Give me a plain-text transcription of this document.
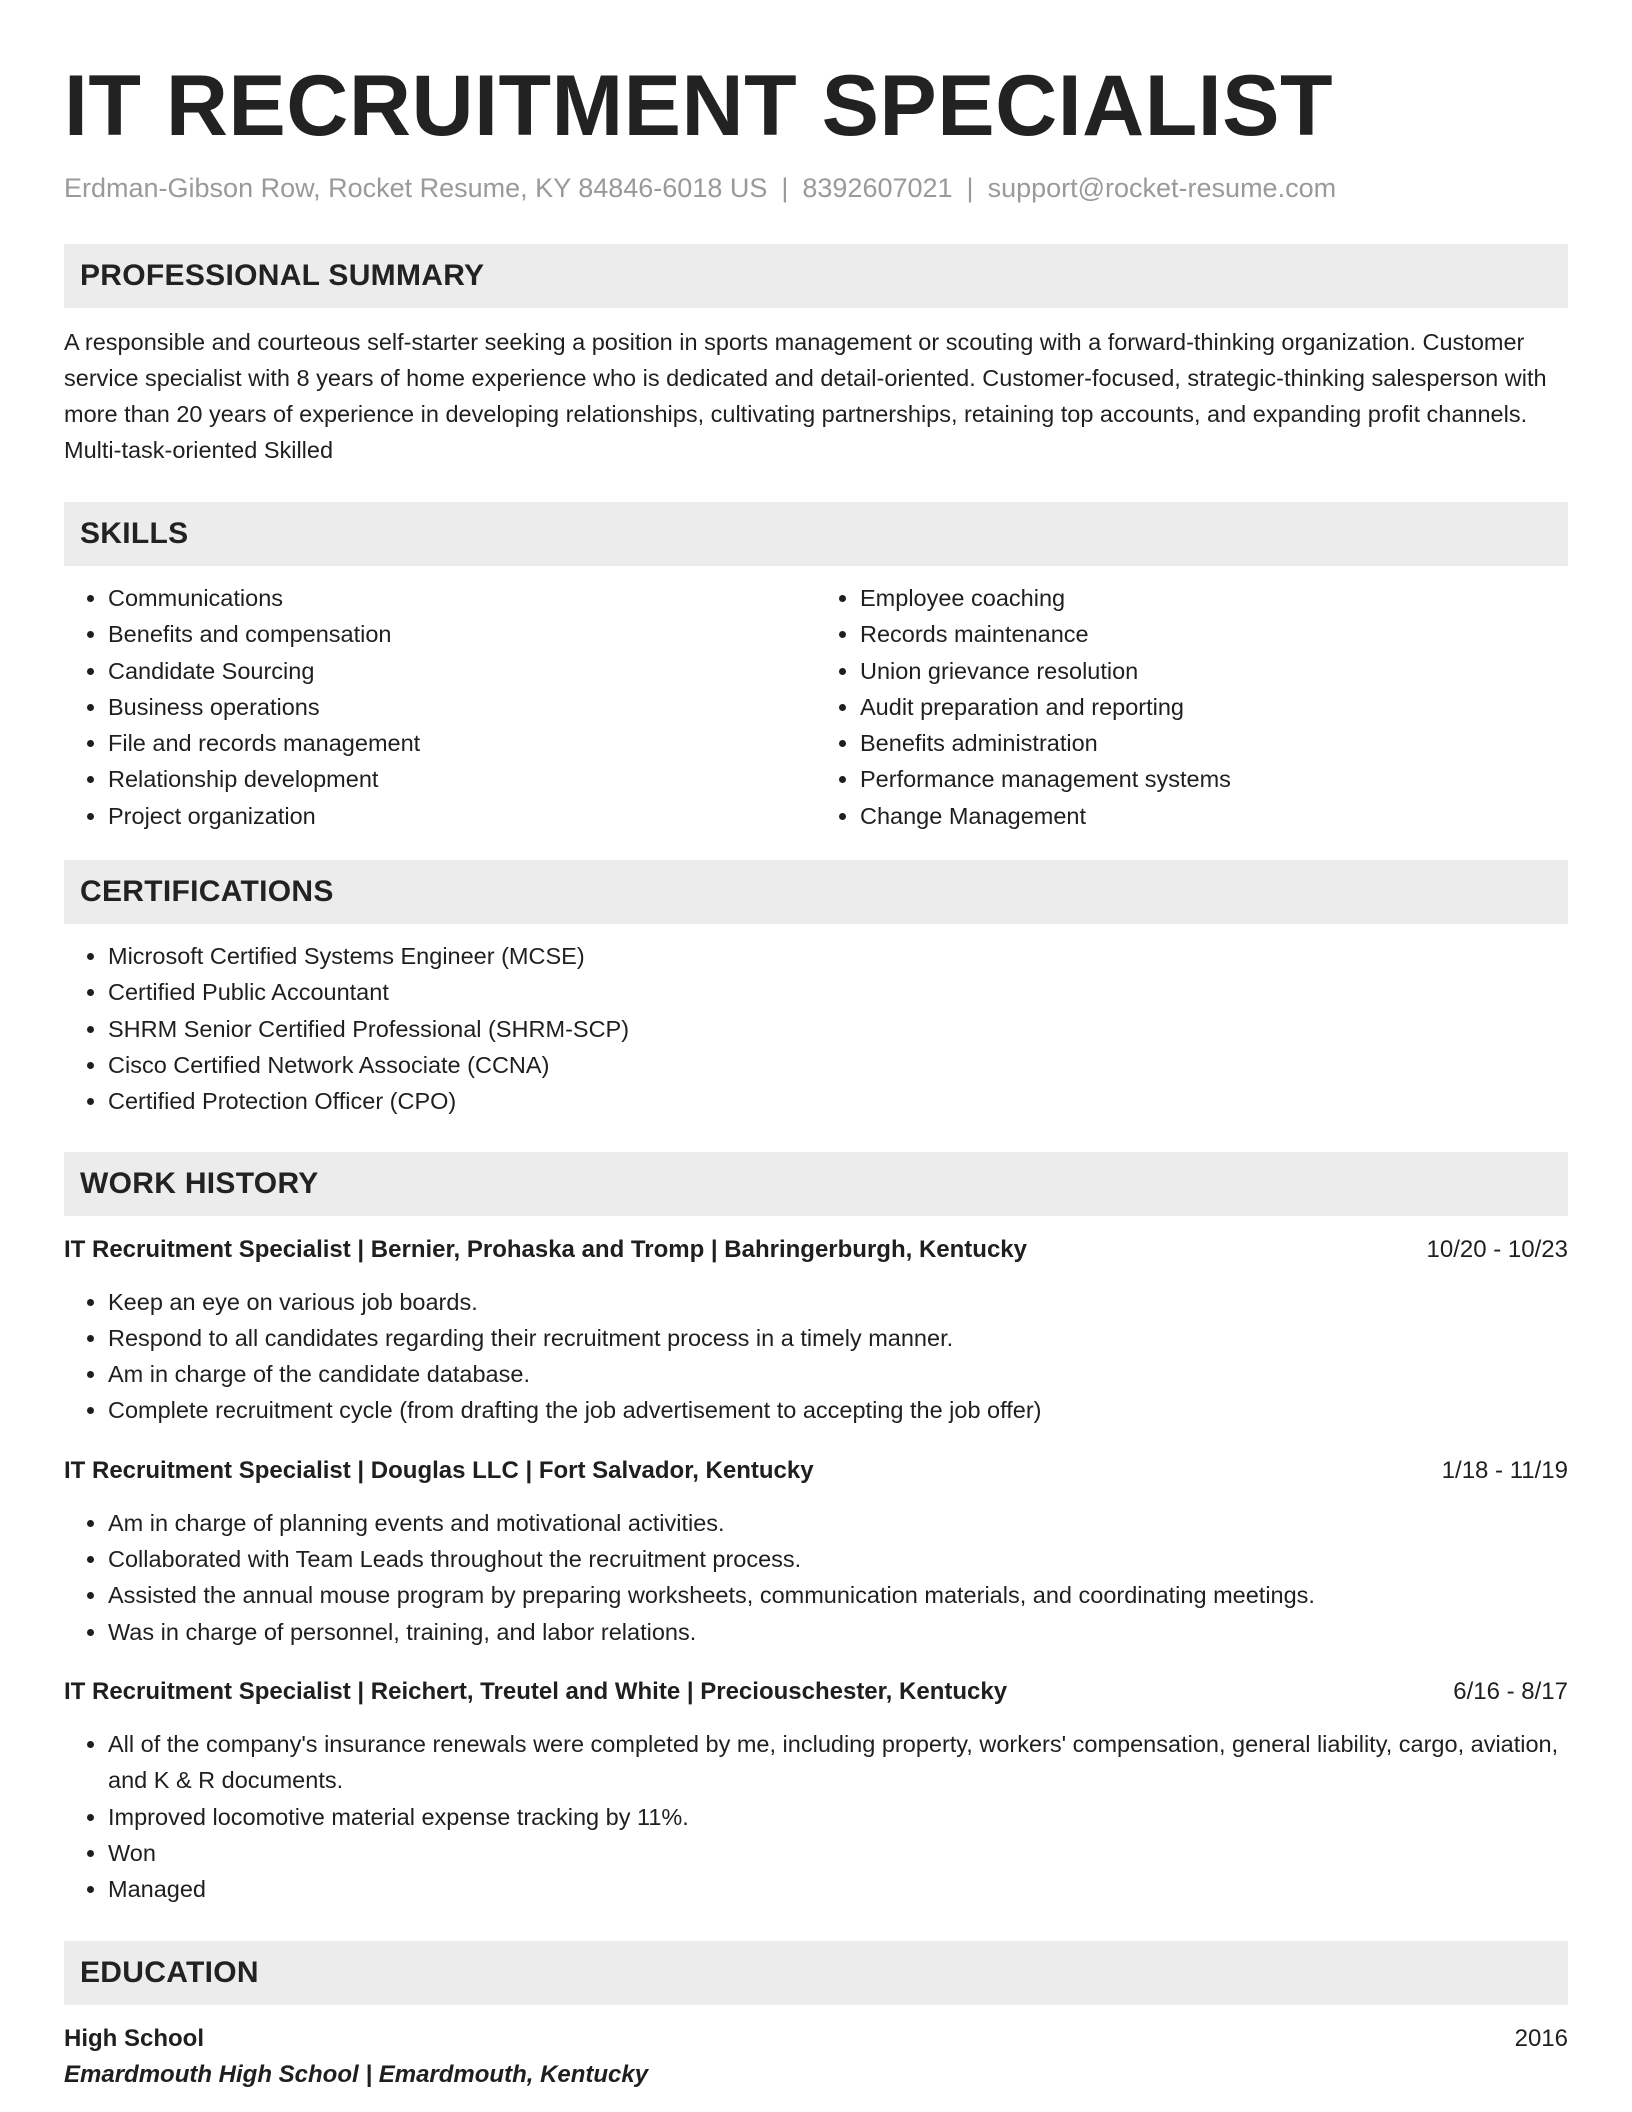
IT RECRUITMENT SPECIALIST
Erdman-Gibson Row, Rocket Resume, KY 84846-6018 US | 8392607021 | support@rocket-resume.com
PROFESSIONAL SUMMARY

A responsible and courteous self-starter seeking a position in sports management or scouting with a forward-thinking organization. Customer service specialist with 8 years of home experience who is dedicated and detail-oriented. Customer-focused, strategic-thinking salesperson with more than 20 years of experience in developing relationships, cultivating partnerships, retaining top accounts, and expanding profit channels. Multi-task-oriented Skilled

SKILLS
• Communications
• Benefits and compensation
• Candidate Sourcing
• Business operations
• File and records management
• Relationship development
• Project organization
• Employee coaching
• Records maintenance
• Union grievance resolution
• Audit preparation and reporting
• Benefits administration
• Performance management systems
• Change Management
CERTIFICATIONS
• Microsoft Certified Systems Engineer (MCSE)
• Certified Public Accountant
• SHRM Senior Certified Professional (SHRM-SCP)
• Cisco Certified Network Associate (CCNA)
• Certified Protection Officer (CPO)
WORK HISTORY
IT Recruitment Specialist | Bernier, Prohaska and Tromp | Bahringerburgh, Kentucky	10/20 - 10/23
• Keep an eye on various job boards.
• Respond to all candidates regarding their recruitment process in a timely manner.
• Am in charge of the candidate database.
• Complete recruitment cycle (from drafting the job advertisement to accepting the job offer)
IT Recruitment Specialist | Douglas LLC | Fort Salvador, Kentucky	1/18 - 11/19
• Am in charge of planning events and motivational activities.
• Collaborated with Team Leads throughout the recruitment process.
• Assisted the annual mouse program by preparing worksheets, communication materials, and coordinating meetings.
• Was in charge of personnel, training, and labor relations.
IT Recruitment Specialist | Reichert, Treutel and White | Preciouschester, Kentucky	6/16 - 8/17
• All of the company's insurance renewals were completed by me, including property, workers' compensation, general liability, cargo, aviation, and K & R documents.
• Improved locomotive material expense tracking by 11%.
• Won
• Managed
EDUCATION
High School	2016
Emardmouth High School | Emardmouth, Kentucky
